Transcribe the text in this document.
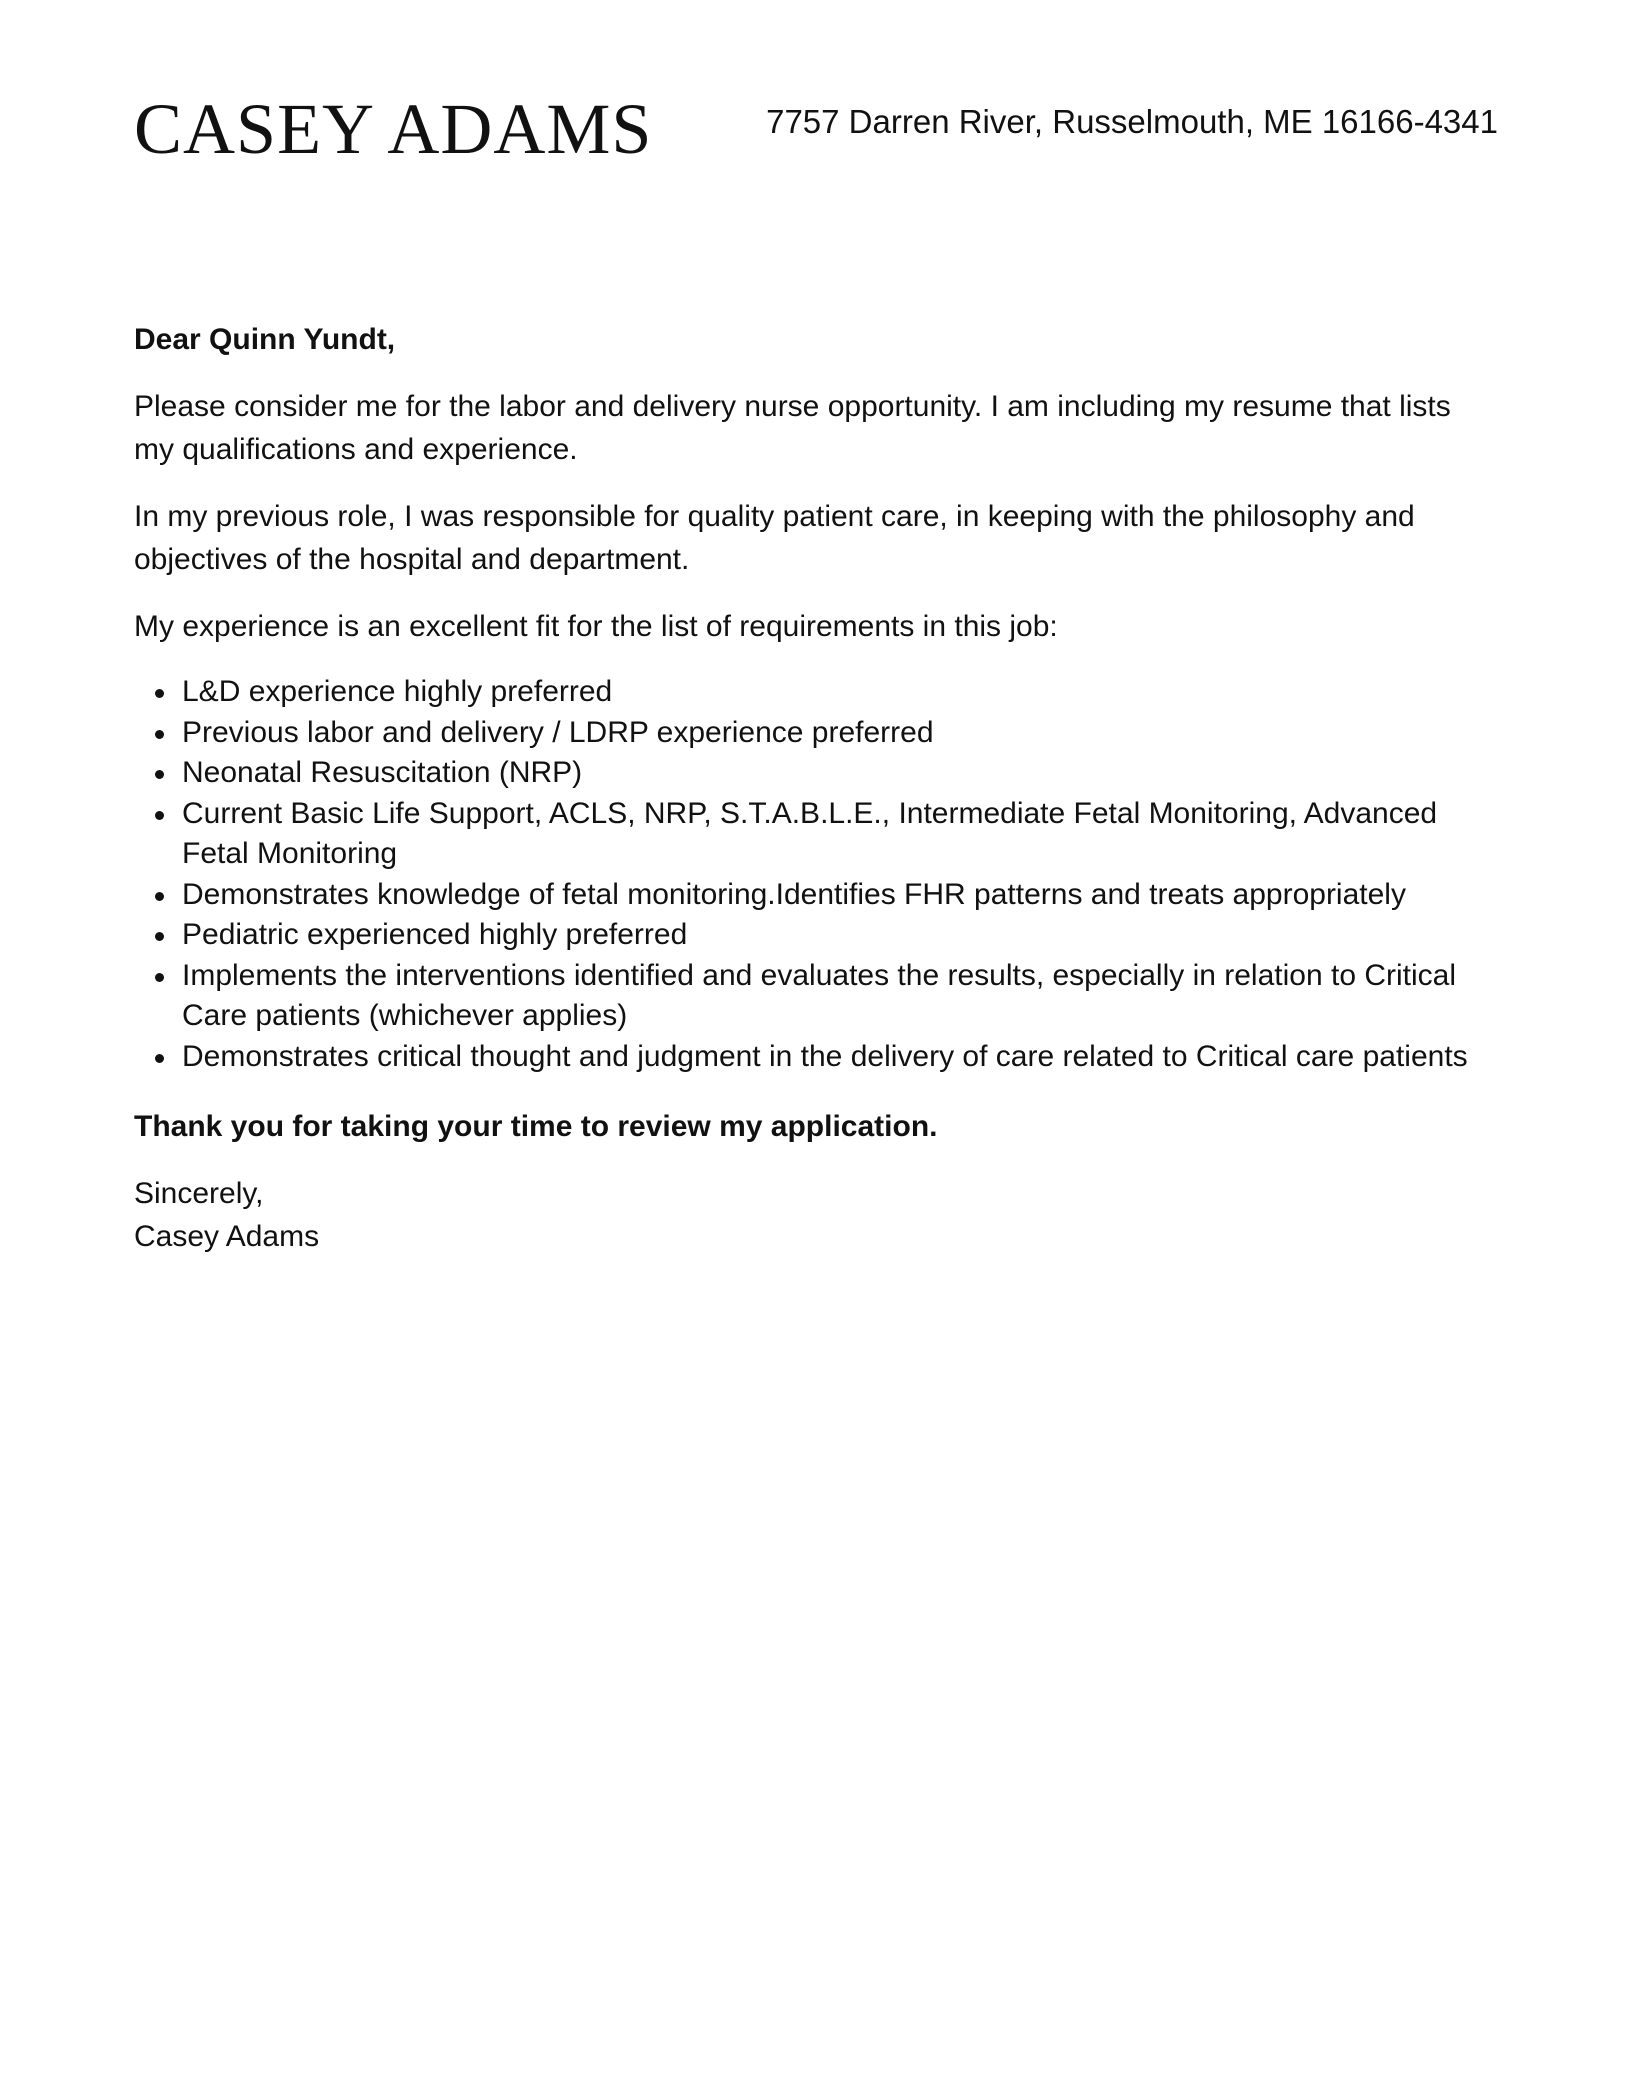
CASEY ADAMS	7757 Darren River, Russelmouth, ME 16166-4341

Dear Quinn Yundt,

Please consider me for the labor and delivery nurse opportunity. I am including my resume that lists my qualifications and experience.

In my previous role, I was responsible for quality patient care, in keeping with the philosophy and objectives of the hospital and department.

My experience is an excellent fit for the list of requirements in this job:

L&D experience highly preferred
Previous labor and delivery / LDRP experience preferred
Neonatal Resuscitation (NRP)
Current Basic Life Support, ACLS, NRP, S.T.A.B.L.E., Intermediate Fetal Monitoring, Advanced Fetal Monitoring
Demonstrates knowledge of fetal monitoring.Identifies FHR patterns and treats appropriately
Pediatric experienced highly preferred
Implements the interventions identified and evaluates the results, especially in relation to Critical Care patients (whichever applies)
Demonstrates critical thought and judgment in the delivery of care related to Critical care patients

Thank you for taking your time to review my application.

Sincerely,
Casey Adams
